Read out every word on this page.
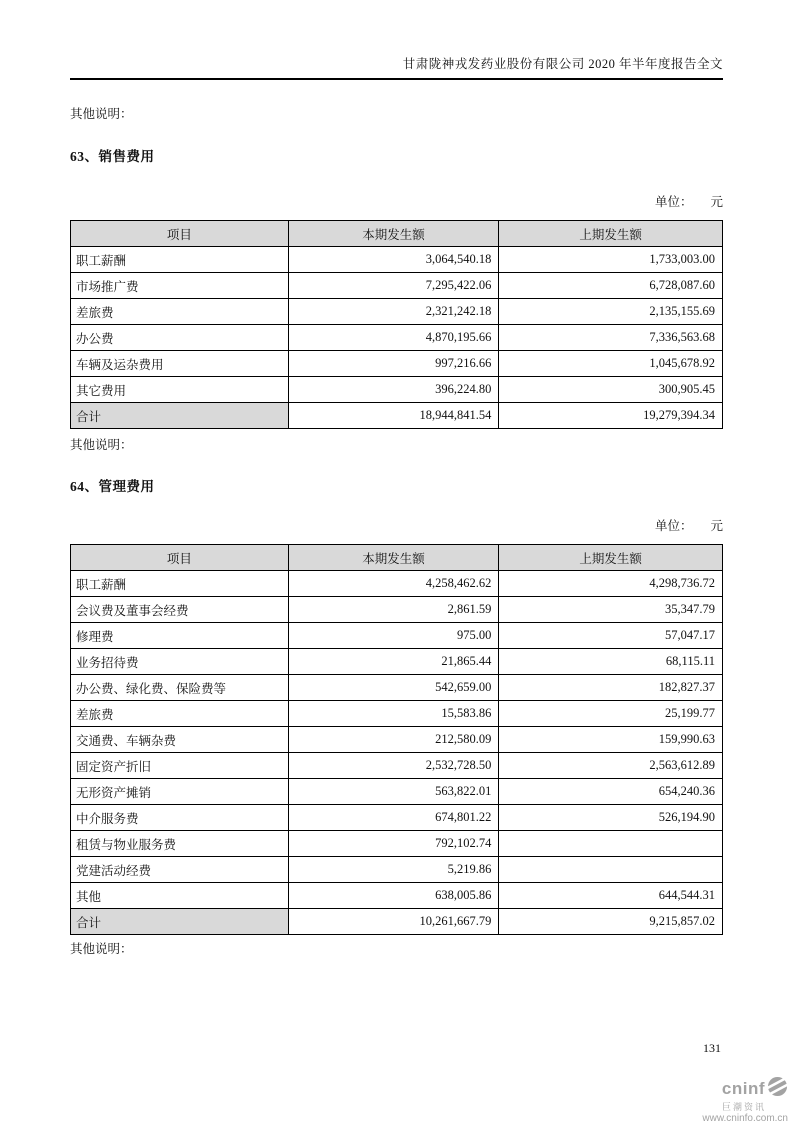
甘肃陇神戎发药业股份有限公司 2020 年半年度报告全文
其他说明：
63、销售费用
单位： 元
项目	本期发生额	上期发生额
职工薪酬	3,064,540.18	1,733,003.00
市场推广费	7,295,422.06	6,728,087.60
差旅费	2,321,242.18	2,135,155.69
办公费	4,870,195.66	7,336,563.68
车辆及运杂费用	997,216.66	1,045,678.92
其它费用	396,224.80	300,905.45
合计	18,944,841.54	19,279,394.34
其他说明：
64、管理费用
单位： 元
项目	本期发生额	上期发生额
职工薪酬	4,258,462.62	4,298,736.72
会议费及董事会经费	2,861.59	35,347.79
修理费	975.00	57,047.17
业务招待费	21,865.44	68,115.11
办公费、绿化费、保险费等	542,659.00	182,827.37
差旅费	15,583.86	25,199.77
交通费、车辆杂费	212,580.09	159,990.63
固定资产折旧	2,532,728.50	2,563,612.89
无形资产摊销	563,822.01	654,240.36
中介服务费	674,801.22	526,194.90
租赁与物业服务费	792,102.74	
党建活动经费	5,219.86	
其他	638,005.86	644,544.31
合计	10,261,667.79	9,215,857.02
其他说明：
131
cninf
巨潮资讯
www.cninfo.com.cn
